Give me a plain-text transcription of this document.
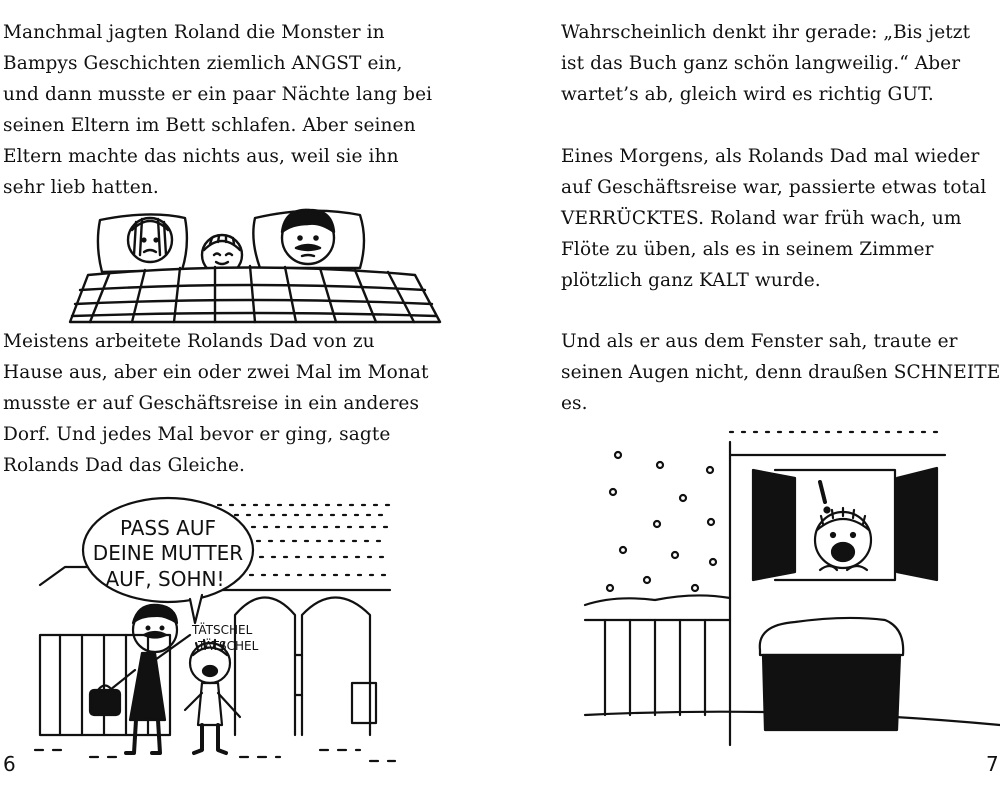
Manchmal jagten Roland die Monster in
Bampys Geschichten ziemlich ANGST ein,
und dann musste er ein paar Nächte lang bei
seinen Eltern im Bett schlafen. Aber seinen
Eltern machte das nichts aus, weil sie ihn
sehr lieb hatten.

Meistens arbeitete Rolands Dad von zu
Hause aus, aber ein oder zwei Mal im Monat
musste er auf Geschäftsreise in ein anderes
Dorf. Und jedes Mal bevor er ging, sagte
Rolands Dad das Gleiche.

PASS AUF
DEINE MUTTER
AUF, SOHN!
TÄTSCHEL
TÄTSCHEL
6

Wahrscheinlich denkt ihr gerade: „Bis jetzt
ist das Buch ganz schön langweilig.“ Aber
wartet’s ab, gleich wird es richtig GUT.

Eines Morgens, als Rolands Dad mal wieder
auf Geschäftsreise war, passierte etwas total
VERRÜCKTES. Roland war früh wach, um
Flöte zu üben, als es in seinem Zimmer
plötzlich ganz KALT wurde.

Und als er aus dem Fenster sah, traute er
seinen Augen nicht, denn draußen SCHNEITE
es.

7
